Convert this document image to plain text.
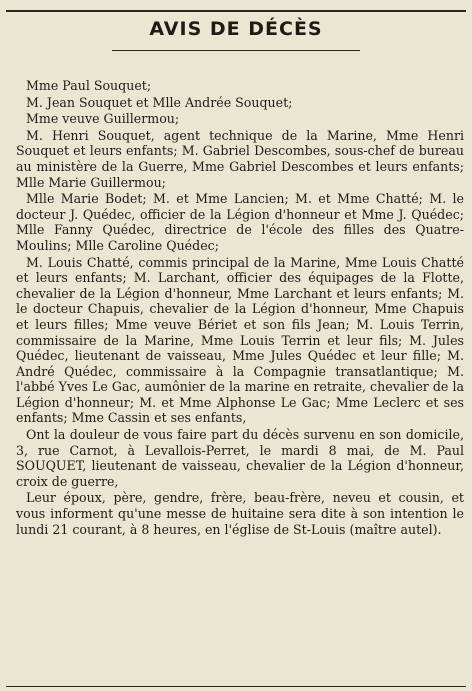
AVIS DE DÉCÈS

Mme Paul Souquet;

M. Jean Souquet et Mlle Andrée Souquet;

Mme veuve Guillermou;

M. Henri Souquet, agent technique de la Marine, Mme Henri Souquet et leurs enfants; M. Gabriel Descombes, sous-chef de bureau au ministère de la Guerre, Mme Gabriel Descombes et leurs enfants; Mlle Marie Guillermou;

Mlle Marie Bodet; M. et Mme Lancien; M. et Mme Chatté; M. le docteur J. Quédec, officier de la Légion d'honneur et Mme J. Quédec; Mlle Fanny Quédec, directrice de l'école des filles des Quatre-Moulins; Mlle Caroline Quédec;

M. Louis Chatté, commis principal de la Marine, Mme Louis Chatté et leurs enfants; M. Larchant, officier des équipages de la Flotte, chevalier de la Légion d'honneur, Mme Larchant et leurs enfants; M. le docteur Chapuis, chevalier de la Légion d'honneur, Mme Chapuis et leurs filles; Mme veuve Bériet et son fils Jean; M. Louis Terrin, commissaire de la Marine, Mme Louis Terrin et leur fils; M. Jules Quédec, lieutenant de vaisseau, Mme Jules Quédec et leur fille; M. André Quédec, commissaire à la Compagnie transatlantique; M. l'abbé Yves Le Gac, aumônier de la marine en retraite, chevalier de la Légion d'honneur; M. et Mme Alphonse Le Gac; Mme Leclerc et ses enfants; Mme Cassin et ses enfants,

Ont la douleur de vous faire part du décès survenu en son domicile, 3, rue Carnot, à Levallois-Perret, le mardi 8 mai, de M. Paul SOUQUET, lieutenant de vaisseau, chevalier de la Légion d'honneur, croix de guerre,

Leur époux, père, gendre, frère, beau-frère, neveu et cousin, et vous informent qu'une messe de huitaine sera dite à son intention le lundi 21 courant, à 8 heures, en l'église de St-Louis (maître autel).
